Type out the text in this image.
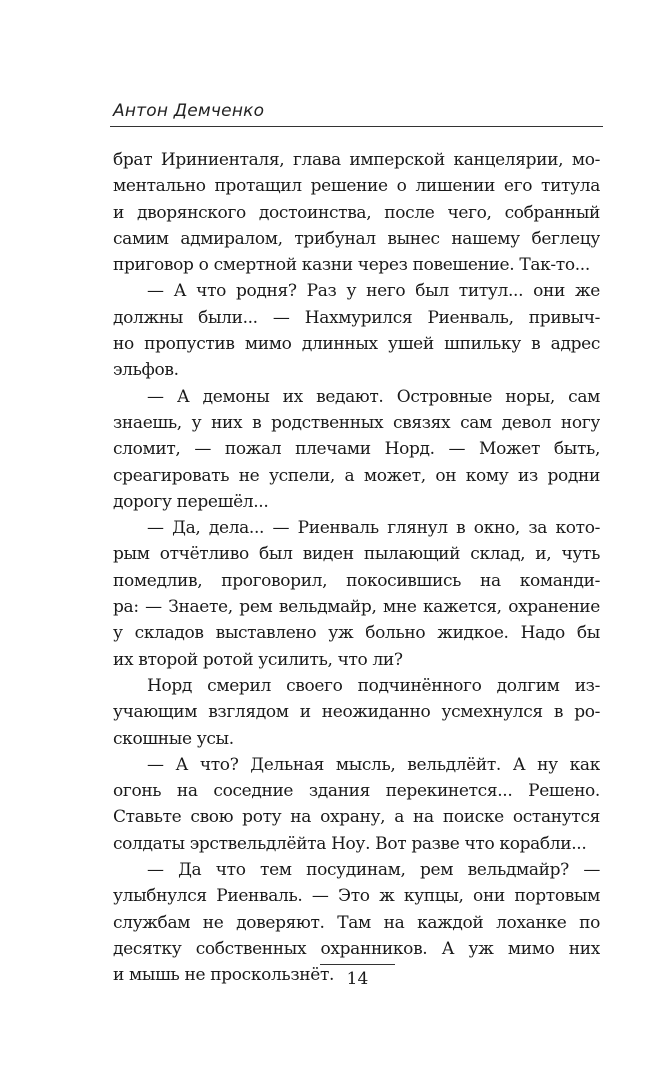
Антон Демченко
брат Ириниенталя, глава имперской канцелярии, мо-
ментально протащил решение о лишении его титула
и дворянского достоинства, после чего, собранный
самим адмиралом, трибунал вынес нашему беглецу
приговор о смертной казни через повешение. Так-то...
— А что родня? Раз у него был титул... они же
должны были... — Нахмурился Риенваль, привыч-
но пропустив мимо длинных ушей шпильку в адрес
эльфов.
— А демоны их ведают. Островные норы, сам
знаешь, у них в родственных связях сам девол ногу
сломит, — пожал плечами Норд. — Может быть,
среагировать не успели, а может, он кому из родни
дорогу перешёл...
— Да, дела... — Риенваль глянул в окно, за кото-
рым отчётливо был виден пылающий склад, и, чуть
помедлив, проговорил, покосившись на команди-
ра: — Знаете, рем вельдмайр, мне кажется, охранение
у складов выставлено уж больно жидкое. Надо бы
их второй ротой усилить, что ли?
Норд смерил своего подчинённого долгим из-
учающим взглядом и неожиданно усмехнулся в ро-
скошные усы.
— А что? Дельная мысль, вельдлёйт. А ну как
огонь на соседние здания перекинется... Решено.
Ставьте свою роту на охрану, а на поиске останутся
солдаты эрствельдлёйта Ноу. Вот разве что корабли...
— Да что тем посудинам, рем вельдмайр? —
улыбнулся Риенваль. — Это ж купцы, они портовым
службам не доверяют. Там на каждой лоханке по
десятку собственных охранников. А уж мимо них
и мышь не проскользнёт. 14
